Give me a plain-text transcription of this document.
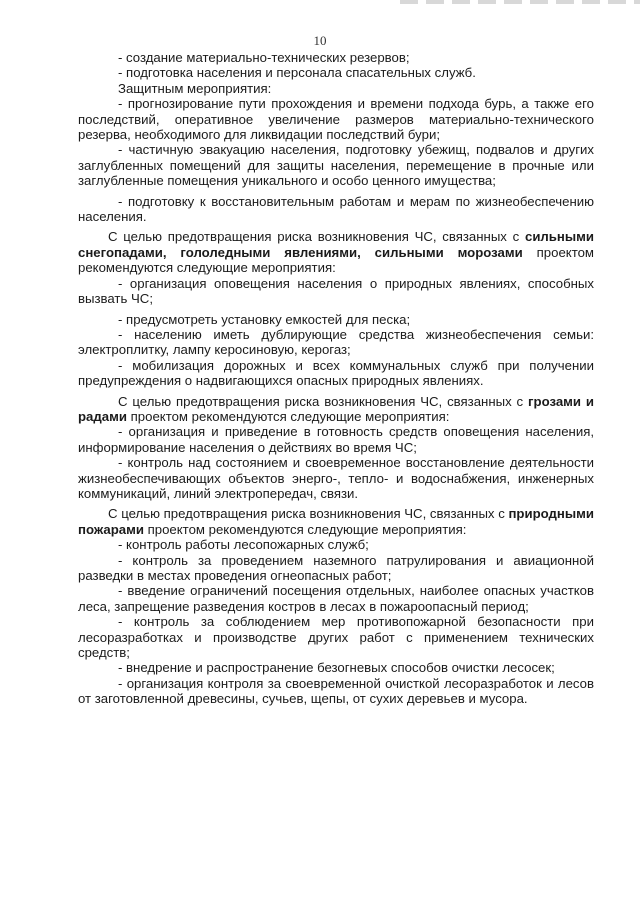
10

- создание материально-технических резервов;

- подготовка населения и персонала спасательных служб.

Защитным мероприятия:

- прогнозирование пути прохождения и времени подхода бурь, а также его последствий, оперативное увеличение размеров материально-технического резерва, необходимого для ликвидации последствий бури;

- частичную эвакуацию населения, подготовку убежищ, подвалов и других заглубленных помещений для защиты населения, перемещение в прочные или заглубленные помещения уникального и особо ценного имущества;

- подготовку к восстановительным работам и мерам по жизнеобеспечению населения.

С целью предотвращения риска возникновения ЧС, связанных с сильными снегопадами, гололедными явлениями, сильными морозами проектом рекомендуются следующие мероприятия:

- организация оповещения населения о природных явлениях, способных вызвать ЧС;

- предусмотреть установку емкостей для песка;

- населению иметь дублирующие средства жизнеобеспечения семьи: электроплитку, лампу керосиновую, керогаз;

- мобилизация дорожных и всех коммунальных служб при получении предупреждения о надвигающихся опасных природных явлениях.

С целью предотвращения риска возникновения ЧС, связанных с грозами и радами проектом рекомендуются следующие мероприятия:

- организация и приведение в готовность средств оповещения населения, информирование населения о действиях во время ЧС;

- контроль над состоянием и своевременное восстановление деятельности жизнеобеспечивающих объектов энерго-, тепло- и водоснабжения, инженерных коммуникаций, линий электропередач, связи.

С целью предотвращения риска возникновения ЧС, связанных с природными пожарами проектом рекомендуются следующие мероприятия:

- контроль работы лесопожарных служб;

- контроль за проведением наземного патрулирования и авиационной разведки в местах проведения огнеопасных работ;

- введение ограничений посещения отдельных, наиболее опасных участков леса, запрещение разведения костров в лесах в пожароопасный период;

- контроль за соблюдением мер противопожарной безопасности при лесоразработках и производстве других работ с применением технических средств;

- внедрение и распространение безогневых способов очистки лесосек;

- организация контроля за своевременной очисткой лесоразработок и лесов от заготовленной древесины, сучьев, щепы, от сухих деревьев и мусора.
